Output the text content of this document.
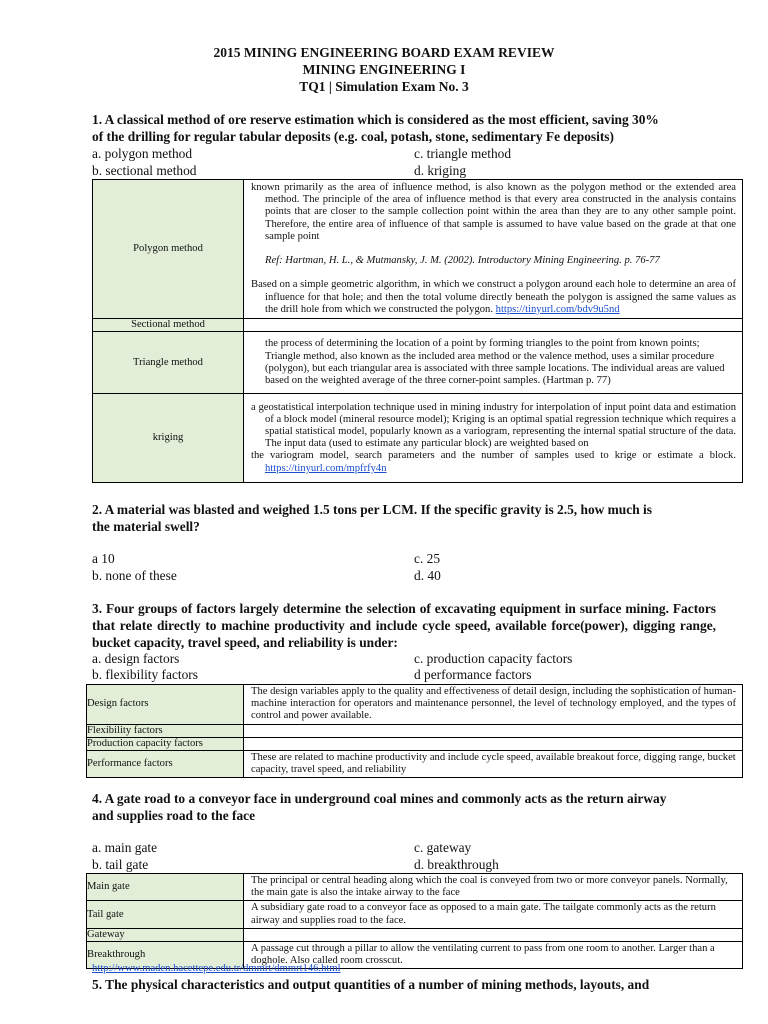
2015 MINING ENGINEERING BOARD EXAM REVIEW
MINING ENGINEERING I
TQ1 | Simulation Exam No. 3

1. A classical method of ore reserve estimation which is considered as the most efficient, saving 30%

of the drilling for regular tabular deposits (e.g. coal, potash, stone, sedimentary Fe deposits)

a. polygon method	c. triangle method
b. sectional method	d. kriging
Polygon method	known primarily as the area of influence method, is also known as the polygon method or the extended area method. The principle of the area of influence method is that every area constructed in the analysis contains points that are closer to the sample collection point within the area than they are to any other sample point. Therefore, the entire area of influence of that sample is assumed to have value based on the grade at that one sample point

Ref: Hartman, H. L., & Mutmansky, J. M. (2002). Introductory Mining Engineering. p. 76-77

Based on a simple geometric algorithm, in which we construct a polygon around each hole to determine an area of influence for that hole; and then the total volume directly beneath the polygon is assigned the same values as the drill hole from which we constructed the polygon. https://tinyurl.com/bdv9u5nd

Sectional method	
Triangle method	the process of determining the location of a point by forming triangles to the point from known points;

Triangle method, also known as the included area method or the valence method, uses a similar procedure

(polygon), but each triangular area is associated with three sample locations. The individual areas are valued based on the weighted average of the three corner-point samples. (Hartman p. 77)

kriging	a geostatistical interpolation technique used in mining industry for interpolation of input point data and estimation of a block model (mineral resource model); Kriging is an optimal spatial regression technique which requires a spatial statistical model, popularly known as a variogram, representing the internal spatial structure of the data. The input data (used to estimate any particular block) are weighted based on

the variogram model, search parameters and the number of samples used to krige or estimate a block. https://tinyurl.com/mpfrfy4n

2. A material was blasted and weighed 1.5 tons per LCM. If the specific gravity is 2.5, how much is

the material swell?

a 10	c. 25
b. none of these	d. 40

3. Four groups of factors largely determine the selection of excavating equipment in surface mining. Factors that relate directly to machine productivity and include cycle speed, available force(power), digging range, bucket capacity, travel speed, and reliability is under:

a. design factors	c. production capacity factors
b. flexibility factors	d performance factors
Design factors	The design variables apply to the quality and effectiveness of detail design, including the sophistication of human-machine interaction for operators and maintenance personnel, the level of technology employed, and the types of control and power available.
Flexibility factors	
Production capacity factors	
Performance factors	These are related to machine productivity and include cycle speed, available breakout force, digging range, bucket capacity, travel speed, and reliability

4. A gate road to a conveyor face in underground coal mines and commonly acts as the return airway

and supplies road to the face

a. main gate	c. gateway
b. tail gate	d. breakthrough
Main gate	The principal or central heading along which the coal is conveyed from two or more conveyor panels. Normally, the main gate is also the intake airway to the face
Tail gate	A subsidiary gate road to a conveyor face as opposed to a main gate. The tailgate commonly acts as the return airway and supplies road to the face.
Gateway	
Breakthrough	A passage cut through a pillar to allow the ventilating current to pass from one room to another. Larger than a doghole. Also called room crosscut.
http://www.maden.hacettepe.edu.tr/dmmrt/dmmrt146.html

5. The physical characteristics and output quantities of a number of mining methods, layouts, and
